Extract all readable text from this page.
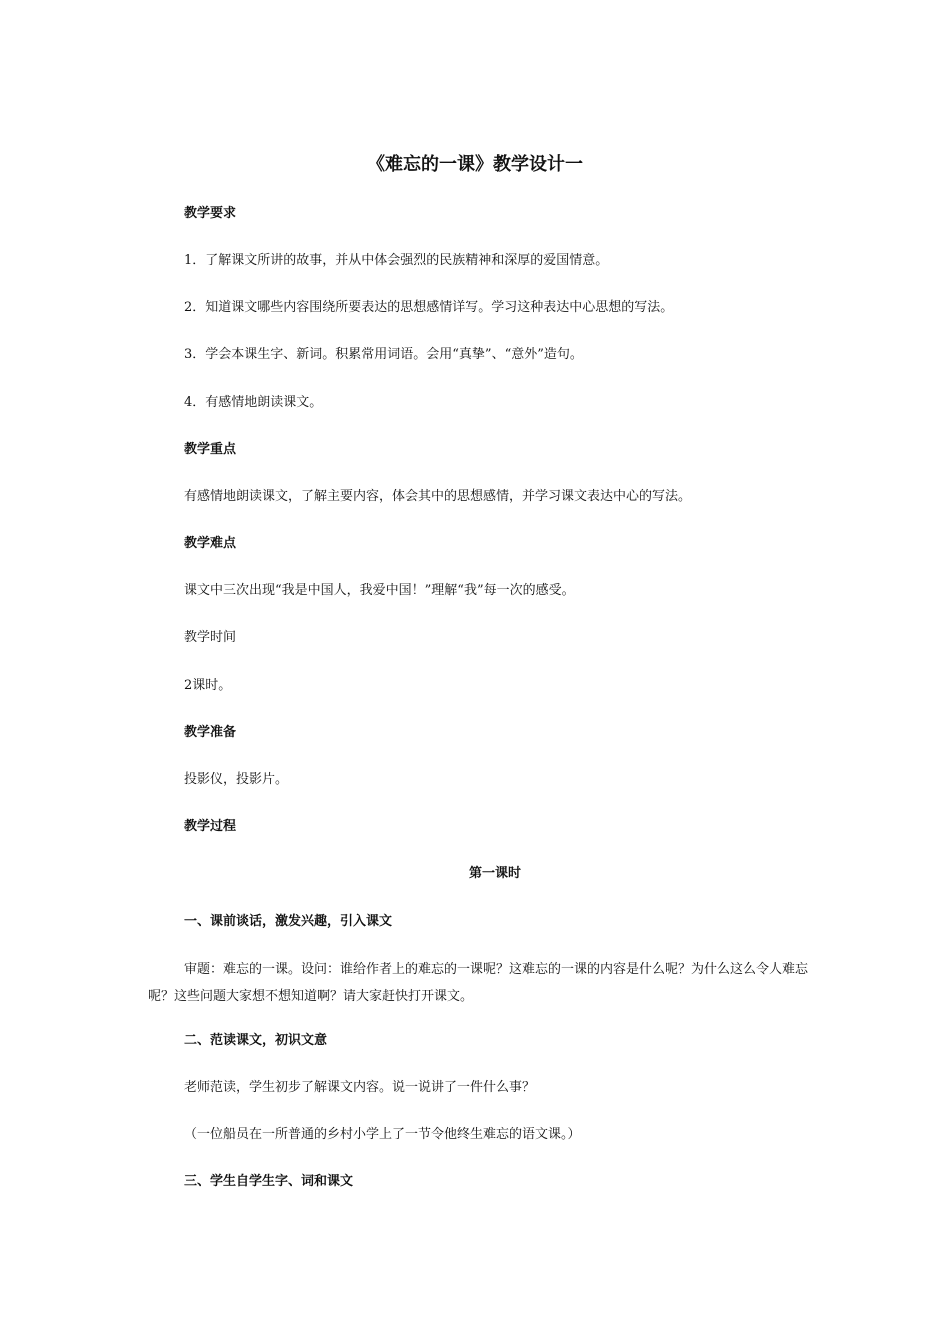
《难忘的一课》教学设计一
教学要求
1．了解课文所讲的故事，并从中体会强烈的民族精神和深厚的爱国情意。
2．知道课文哪些内容围绕所要表达的思想感情详写。学习这种表达中心思想的写法。
3．学会本课生字、新词。积累常用词语。会用“真挚”、“意外”造句。
4．有感情地朗读课文。
教学重点
有感情地朗读课文，了解主要内容，体会其中的思想感情，并学习课文表达中心的写法。
教学难点
课文中三次出现“我是中国人，我爱中国！”理解“我”每一次的感受。
教学时间
2课时。
教学准备
投影仪，投影片。
教学过程
第一课时
一、课前谈话，激发兴趣，引入课文
审题：难忘的一课。设问：谁给作者上的难忘的一课呢？这难忘的一课的内容是什么呢？为什么这么令人难忘呢？这些问题大家想不想知道啊？请大家赶快打开课文。
二、范读课文，初识文意
老师范读，学生初步了解课文内容。说一说讲了一件什么事？
（一位船员在一所普通的乡村小学上了一节令他终生难忘的语文课。）
三、学生自学生字、词和课文
